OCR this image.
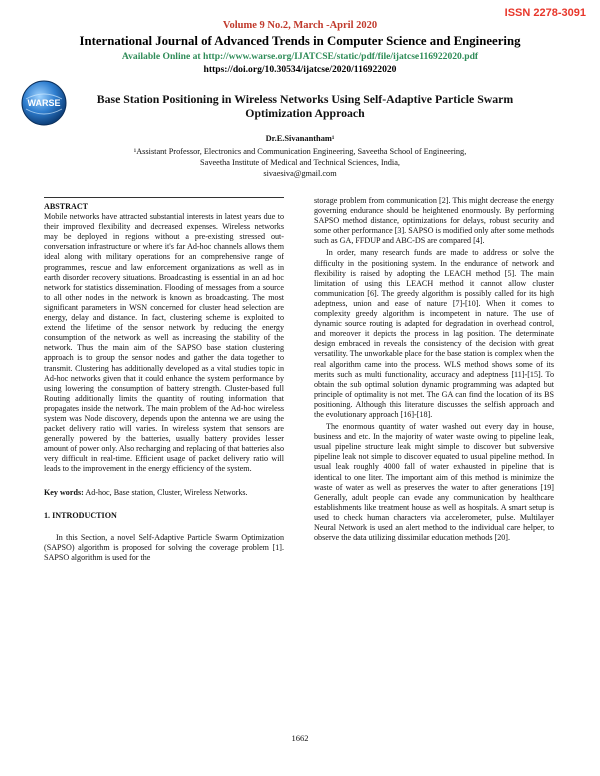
ISSN 2278-3091
Volume 9 No.2, March -April 2020
International Journal of Advanced Trends in Computer Science and Engineering
Available Online at http://www.warse.org/IJATCSE/static/pdf/file/ijatcse116922020.pdf
https://doi.org/10.30534/ijatcse/2020/116922020
WARSE	Base Station Positioning in Wireless Networks Using Self-Adaptive Particle Swarm Optimization Approach
Dr.E.Sivanantham¹
¹Assistant Professor, Electronics and Communication Engineering, Saveetha School of Engineering,
Saveetha Institute of Medical and Technical Sciences, India,
sivaesiva@gmail.com

ABSTRACT

Mobile networks have attracted substantial interests in latest years due to their improved flexibility and decreased expenses. Wireless networks may be deployed in regions without a pre-existing stressed out-conversation infrastructure or where it's far Ad-hoc channels allows them ideal along with military operations for an comprehensive range of programmes, rescue and law enforcement organizations as well as in earth disorder recovery situations. Broadcasting is essential in an ad hoc network for statistics dissemination. Flooding of messages from a source to all other nodes in the network is known as broadcasting. The most significant parameters in WSN concerned for cluster head selection are energy, delay and distance. In fact, clustering scheme is exploited to extend the lifetime of the sensor network by reducing the energy consumption of the network as well as increasing the stability of the network. Thus the main aim of the SAPSO base station clustering approach is to group the sensor nodes and gather the data together to transmit. Clustering has additionally developed as a vital studies topic in Ad-hoc networks given that it could enhance the system performance by using lowering the consumption of battery strength. Cluster-based full Routing additionally limits the quantity of routing information that propagates inside the network. The main problem of the Ad-hoc wireless system was Node discovery, depends upon the antenna we are using the packet delivery ratio will varies. In wireless system that sensors are generally powered by the batteries, usually battery provides lesser amount of power only. Also recharging and replacing of that batteries also very difficult in real-time. Efficient usage of packet delivery ratio will leads to the improvement in the energy efficiency of the system.

Key words: Ad-hoc, Base station, Cluster, Wireless Networks.

1. INTRODUCTION

In this Section, a novel Self-Adaptive Particle Swarm Optimization (SAPSO) algorithm is proposed for solving the coverage problem [1]. SAPSO algorithm is used for the

storage problem from communication [2]. This might decrease the energy governing endurance should be heightened enormously. By performing SAPSO method distance, optimizations for delays, robust security and some other performance [3]. SAPSO is modified only after some methods such as GA, FFDUP and ABC-DS are compared [4].

In order, many research funds are made to address or solve the difficulty in the positioning system. In the endurance of network and flexibility is raised by adopting the LEACH method [5]. The main limitation of using this LEACH method it cannot allow cluster communication [6]. The greedy algorithm is possibly called for its high adeptness, union and ease of nature [7]-[10]. When it comes to complexity greedy algorithm is incompetent in nature. The use of dynamic source routing is adapted for degradation in overhead control, and moreover it depicts the process in lag position. The determinate design embraced in reveals the consistency of the decision with great versatility. The unworkable place for the base station is complex when the real algorithm came into the process. WLS method shows some of its merits such as multi functionality, accuracy and adeptness [11]-[15]. To obtain the sub optimal solution dynamic programming was adapted but principle of optimality is not met. The GA can find the location of its BS positioning. Although this literature discusses the selfish approach and the evolutionary approach [16]-[18].

The enormous quantity of water washed out every day in house, business and etc. In the majority of water waste owing to pipeline leak, usual pipeline structure leak might simple to discover but subversive pipeline leak not simple to discover equated to usual pipeline method. In usual leak roughly 4000 fall of water exhausted in pipeline that is identical to one liter. The important aim of this method is minimize the waste of water as well as preserves the water to after generations [19] Generally, adult people can evade any communication by healthcare establishments like treatment house as well as hospitals. A smart setup is used to check human characters via accelerometer, pulse. Multilayer Neural Network is used an alert method to the individual care helper, to observe the data utilizing dissimilar education methods [20].

1662
